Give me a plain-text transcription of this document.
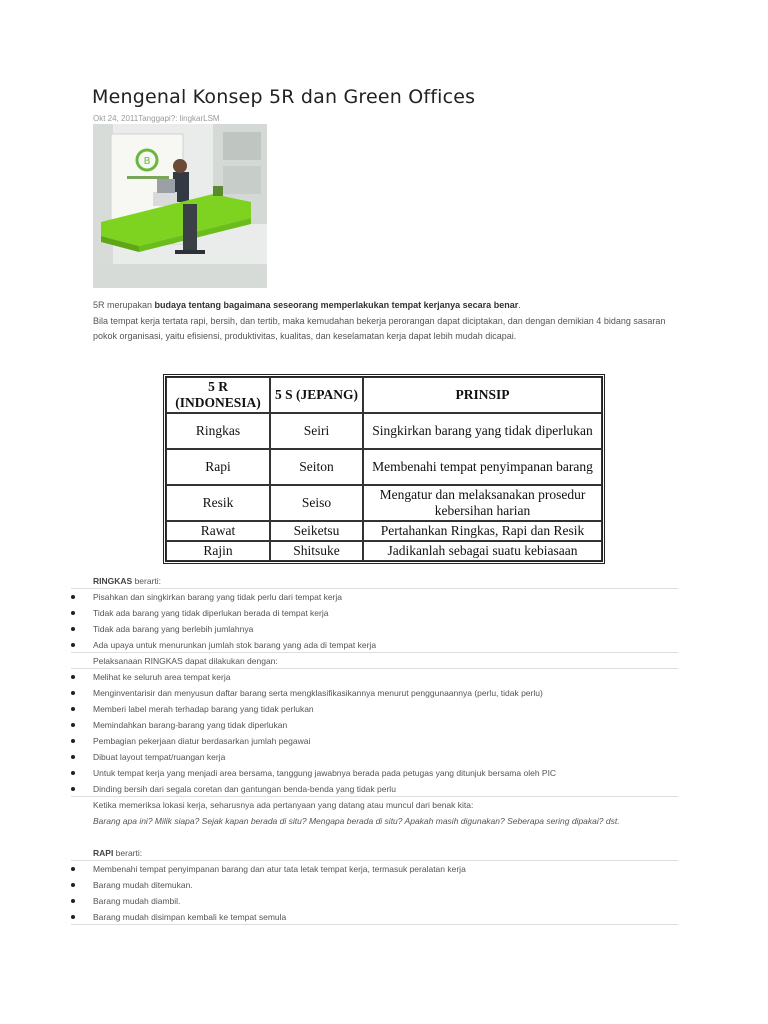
Mengenal Konsep 5R dan Green Offices
Okt 24, 2011Tanggapi?: lingkarLSM
B

5R merupakan budaya tentang bagaimana seseorang memperlakukan tempat kerjanya secara benar.

Bila tempat kerja tertata rapi, bersih, dan tertib, maka kemudahan bekerja perorangan dapat diciptakan, dan dengan demikian 4 bidang sasaran pokok organisasi, yaitu efisiensi, produktivitas, kualitas, dan keselamatan kerja dapat lebih mudah dicapai.

5 R (INDONESIA)	5 S (JEPANG)	PRINSIP
Ringkas	Seiri	Singkirkan barang yang tidak diperlukan
Rapi	Seiton	Membenahi tempat penyimpanan barang
Resik	Seiso	Mengatur dan melaksanakan prosedur kebersihan harian
Rawat	Seiketsu	Pertahankan Ringkas, Rapi dan Resik
Rajin	Shitsuke	Jadikanlah sebagai suatu kebiasaan
RINGKAS berarti:
Pisahkan dan singkirkan barang yang tidak perlu dari tempat kerja
Tidak ada barang yang tidak diperlukan berada di tempat kerja
Tidak ada barang yang berlebih jumlahnya
Ada upaya untuk menurunkan jumlah stok barang yang ada di tempat kerja
Pelaksanaan RINGKAS dapat dilakukan dengan:
Melihat ke seluruh area tempat kerja
Menginventarisir dan menyusun daftar barang serta mengklasifikasikannya menurut penggunaannya (perlu, tidak perlu)
Memberi label merah terhadap barang yang tidak perlukan
Memindahkan barang-barang yang tidak diperlukan
Pembagian pekerjaan diatur berdasarkan jumlah pegawai
Dibuat layout tempat/ruangan kerja
Untuk tempat kerja yang menjadi area bersama, tanggung jawabnya berada pada petugas yang ditunjuk bersama oleh PIC
Dinding bersih dari segala coretan dan gantungan benda-benda yang tidak perlu
Ketika memeriksa lokasi kerja, seharusnya ada pertanyaan yang datang atau muncul dari benak kita:
Barang apa ini? Milik siapa? Sejak kapan berada di situ? Mengapa berada di situ? Apakah masih digunakan? Seberapa sering dipakai? dst.
RAPI berarti:
Membenahi tempat penyimpanan barang dan atur tata letak tempat kerja, termasuk peralatan kerja
Barang mudah ditemukan.
Barang mudah diambil.
Barang mudah disimpan kembali ke tempat semula
